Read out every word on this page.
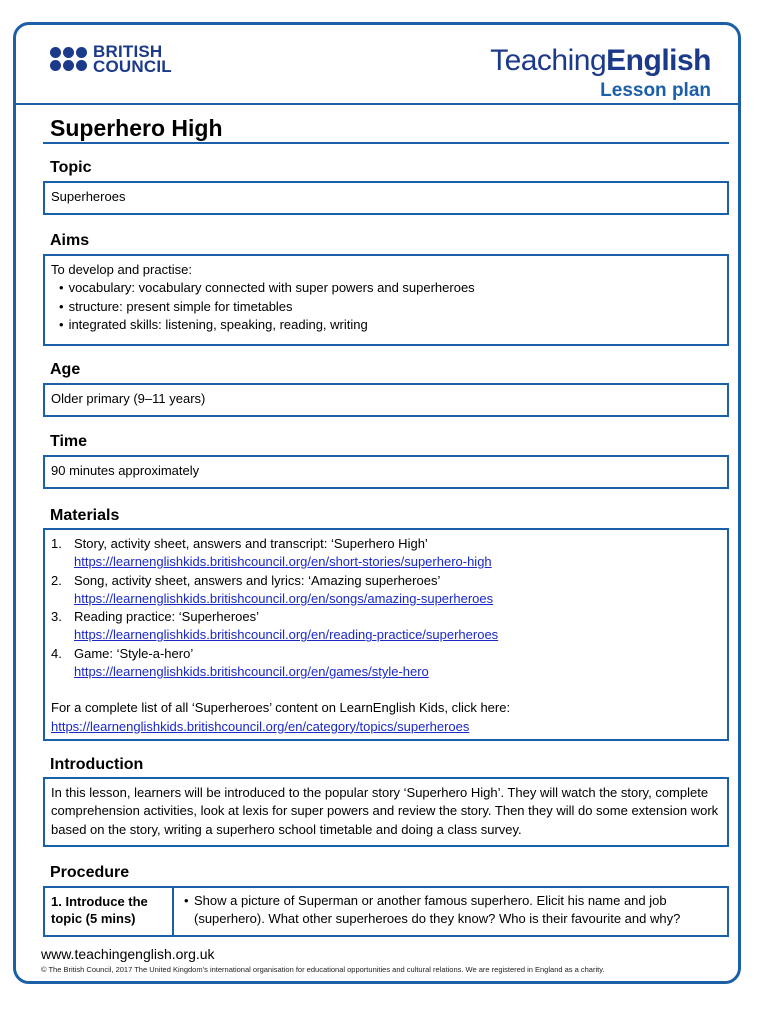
BRITISH
COUNCIL	TeachingEnglish
Lesson plan
Superhero High
Topic
Superheroes
Aims
To develop and practise:
• vocabulary: vocabulary connected with super powers and superheroes
• structure: present simple for timetables
• integrated skills: listening, speaking, reading, writing
Age
Older primary (9–11 years)
Time
90 minutes approximately
Materials
1. Story, activity sheet, answers and transcript: ‘Superhero High’
https://learnenglishkids.britishcouncil.org/en/short-stories/superhero-high
2. Song, activity sheet, answers and lyrics: ‘Amazing superheroes’
https://learnenglishkids.britishcouncil.org/en/songs/amazing-superheroes
3. Reading practice: ‘Superheroes’
https://learnenglishkids.britishcouncil.org/en/reading-practice/superheroes
4. Game: ‘Style-a-hero’
https://learnenglishkids.britishcouncil.org/en/games/style-hero
For a complete list of all ‘Superheroes’ content on LearnEnglish Kids, click here:
https://learnenglishkids.britishcouncil.org/en/category/topics/superheroes
Introduction
In this lesson, learners will be introduced to the popular story ‘Superhero High’. They will watch the story, complete comprehension activities, look at lexis for super powers and review the story. Then they will do some extension work based on the story, writing a superhero school timetable and doing a class survey.
Procedure
1. Introduce the topic (5 mins)
• Show a picture of Superman or another famous superhero. Elicit his name and job (superhero). What other superheroes do they know? Who is their favourite and why?
www.teachingenglish.org.uk
© The British Council, 2017 The United Kingdom’s international organisation for educational opportunities and cultural relations. We are registered in England as a charity.
